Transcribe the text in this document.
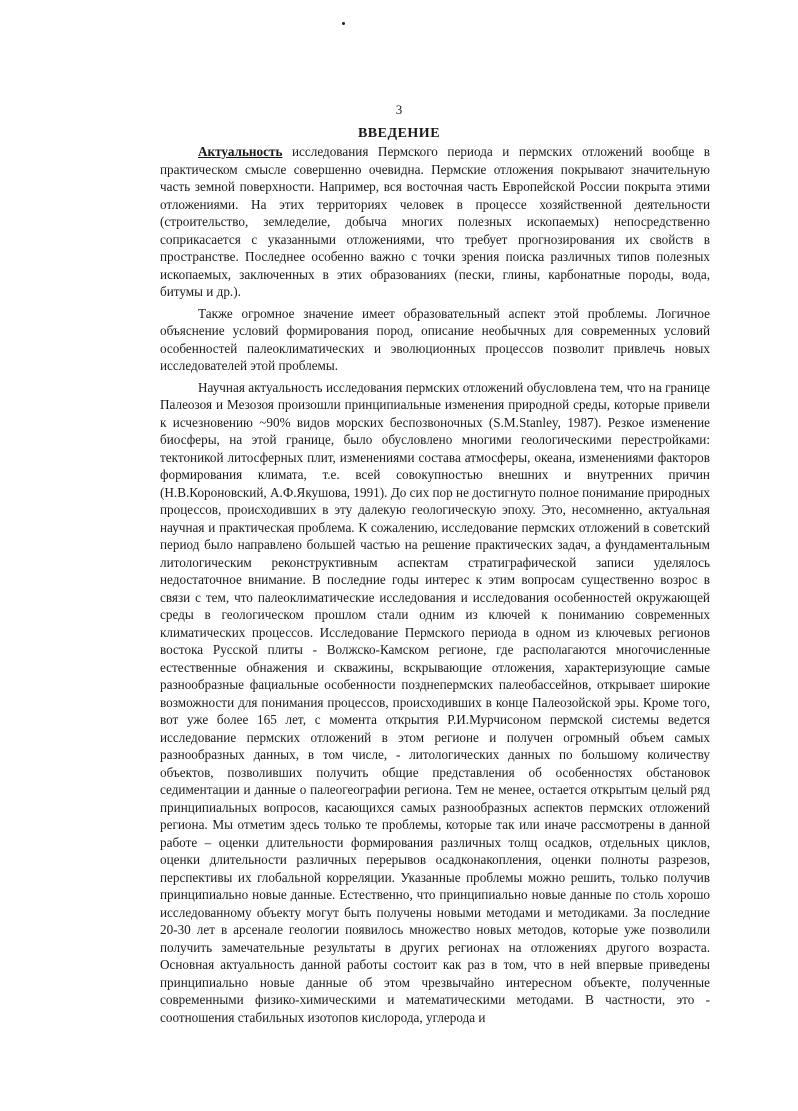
3
ВВЕДЕНИЕ

Актуальность исследования Пермского периода и пермских отложений вообще в практическом смысле совершенно очевидна. Пермские отложения покрывают значительную часть земной поверхности. Например, вся восточная часть Европейской России покрыта этими отложениями. На этих территориях человек в процессе хозяйственной деятельности (строительство, земледелие, добыча многих полезных ископаемых) непосредственно соприкасается с указанными отложениями, что требует прогнозирования их свойств в пространстве. Последнее особенно важно с точки зрения поиска различных типов полезных ископаемых, заключенных в этих образованиях (пески, глины, карбонатные породы, вода, битумы и др.).

Также огромное значение имеет образовательный аспект этой проблемы. Логичное объяснение условий формирования пород, описание необычных для современных условий особенностей палеоклиматических и эволюционных процессов позволит привлечь новых исследователей этой проблемы.

Научная актуальность исследования пермских отложений обусловлена тем, что на границе Палеозоя и Мезозоя произошли принципиальные изменения природной среды, которые привели к исчезновению ~90% видов морских беспозвоночных (S.M.Stanley, 1987). Резкое изменение биосферы, на этой границе, было обусловлено многими геологическими перестройками: тектоникой литосферных плит, изменениями состава атмосферы, океана, изменениями факторов формирования климата, т.е. всей совокупностью внешних и внутренних причин (Н.В.Короновский, А.Ф.Якушова, 1991). До сих пор не достигнуто полное понимание природных процессов, происходивших в эту далекую геологическую эпоху. Это, несомненно, актуальная научная и практическая проблема. К сожалению, исследование пермских отложений в советский период было направлено большей частью на решение практических задач, а фундаментальным литологическим реконструктивным аспектам стратиграфической записи уделялось недостаточное внимание. В последние годы интерес к этим вопросам существенно возрос в связи с тем, что палеоклиматические исследования и исследования особенностей окружающей среды в геологическом прошлом стали одним из ключей к пониманию современных климатических процессов. Исследование Пермского периода в одном из ключевых регионов востока Русской плиты - Волжско-Камском регионе, где располагаются многочисленные естественные обнажения и скважины, вскрывающие отложения, характеризующие самые разнообразные фациальные особенности позднепермских палеобассейнов, открывает широкие возможности для понимания процессов, происходивших в конце Палеозойской эры. Кроме того, вот уже более 165 лет, с момента открытия Р.И.Мурчисоном пермской системы ведется исследование пермских отложений в этом регионе и получен огромный объем самых разнообразных данных, в том числе, - литологических данных по большому количеству объектов, позволивших получить общие представления об особенностях обстановок седиментации и данные о палеогеографии региона. Тем не менее, остается открытым целый ряд принципиальных вопросов, касающихся самых разнообразных аспектов пермских отложений региона. Мы отметим здесь только те проблемы, которые так или иначе рассмотрены в данной работе – оценки длительности формирования различных толщ осадков, отдельных циклов, оценки длительности различных перерывов осадконакопления, оценки полноты разрезов, перспективы их глобальной корреляции. Указанные проблемы можно решить, только получив принципиально новые данные. Естественно, что принципиально новые данные по столь хорошо исследованному объекту могут быть получены новыми методами и методиками. За последние 20-30 лет в арсенале геологии появилось множество новых методов, которые уже позволили получить замечательные результаты в других регионах на отложениях другого возраста. Основная актуальность данной работы состоит как раз в том, что в ней впервые приведены принципиально новые данные об этом чрезвычайно интересном объекте, полученные современными физико-химическими и математическими методами. В частности, это - соотношения стабильных изотопов кислорода, углерода и
